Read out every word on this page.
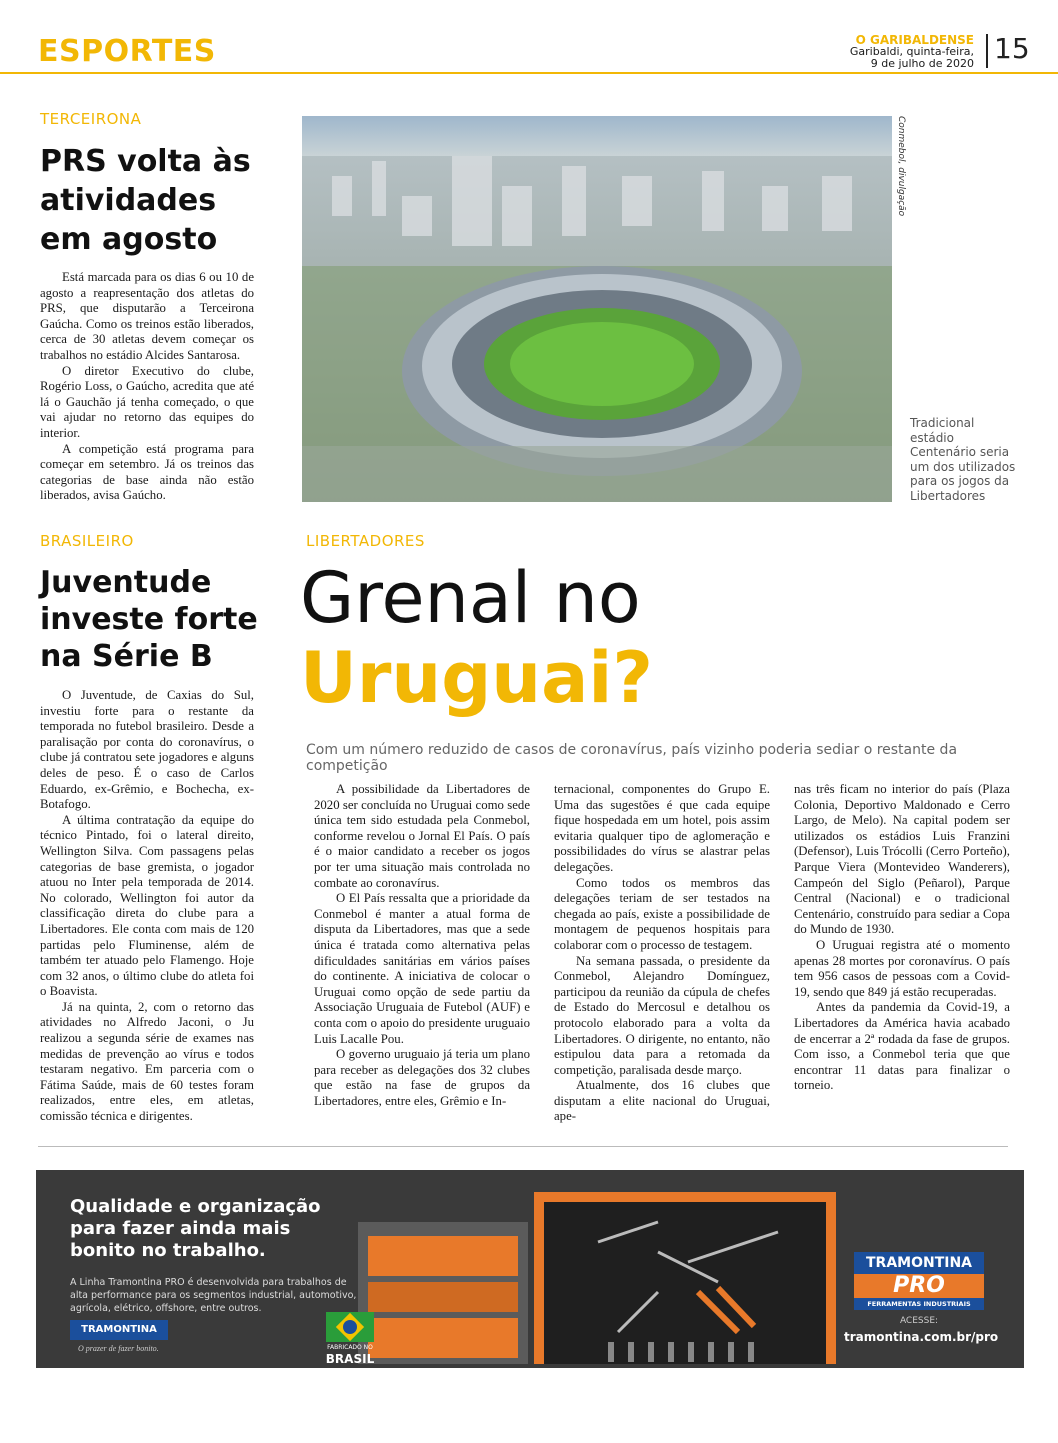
ESPORTES	O GARIBALDENSE
Garibaldi, quinta-feira,
9 de julho de 2020 15
TERCEIRONA
PRS volta às
atividades
em agosto

Está marcada para os dias 6 ou 10 de agosto a reapresentação dos atletas do PRS, que disputarão a Terceirona Gaúcha. Como os treinos estão liberados, cerca de 30 atletas devem começar os trabalhos no estádio Alcides Santarosa.

O diretor Executivo do clube, Rogério Loss, o Gaúcho, acredita que até lá o Gauchão já tenha começado, o que vai ajudar no retorno das equipes do interior.

A competição está programa para começar em setembro. Já os treinos das categorias de base ainda não estão liberados, avisa Gaúcho.

BRASILEIRO
Juventude
investe forte
na Série B

O Juventude, de Caxias do Sul, investiu forte para o restante da temporada no futebol brasileiro. Desde a paralisação por conta do coronavírus, o clube já contratou sete jogadores e alguns deles de peso. É o caso de Carlos Eduardo, ex-Grêmio, e Bochecha, ex-Botafogo.

A última contratação da equipe do técnico Pintado, foi o lateral direito, Wellington Silva. Com passagens pelas categorias de base gremista, o jogador atuou no Inter pela temporada de 2014. No colorado, Wellington foi autor da classificação direta do clube para a Libertadores. Ele conta com mais de 120 partidas pelo Fluminense, além de também ter atuado pelo Flamengo. Hoje com 32 anos, o último clube do atleta foi o Boavista.

Já na quinta, 2, com o retorno das atividades no Alfredo Jaconi, o Ju realizou a segunda série de exames nas medidas de prevenção ao vírus e todos testaram negativo. Em parceria com o Fátima Saúde, mais de 60 testes foram realizados, entre eles, em atletas, comissão técnica e dirigentes.

Conmebol, divulgação
Tradicional estádio Centenário seria um dos utilizados para os jogos da Libertadores
LIBERTADORES
Grenal no
Uruguai?
Com um número reduzido de casos de coronavírus, país vizinho poderia sediar o restante da competição

A possibilidade da Libertadores de 2020 ser concluída no Uruguai como sede única tem sido estudada pela Conmebol, conforme revelou o Jornal El País. O país é o maior candidato a receber os jogos por ter uma situação mais controlada no combate ao coronavírus.

O El País ressalta que a prioridade da Conmebol é manter a atual forma de disputa da Libertadores, mas que a sede única é tratada como alternativa pelas dificuldades sanitárias em vários países do continente. A iniciativa de colocar o Uruguai como opção de sede partiu da Associação Uruguaia de Futebol (AUF) e conta com o apoio do presidente uruguaio Luis Lacalle Pou.

O governo uruguaio já teria um plano para receber as delegações dos 32 clubes que estão na fase de grupos da Libertadores, entre eles, Grêmio e In-

ternacional, componentes do Grupo E. Uma das sugestões é que cada equipe fique hospedada em um hotel, pois assim evitaria qualquer tipo de aglomeração e possibilidades do vírus se alastrar pelas delegações.

Como todos os membros das delegações teriam de ser testados na chegada ao país, existe a possibilidade de montagem de pequenos hospitais para colaborar com o processo de testagem.

Na semana passada, o presidente da Conmebol, Alejandro Domínguez, participou da reunião da cúpula de chefes de Estado do Mercosul e detalhou os protocolo elaborado para a volta da Libertadores. O dirigente, no entanto, não estipulou data para a retomada da competição, paralisada desde março.

Atualmente, dos 16 clubes que disputam a elite nacional do Uruguai, ape-

nas três ficam no interior do país (Plaza Colonia, Deportivo Maldonado e Cerro Largo, de Melo). Na capital podem ser utilizados os estádios Luis Franzini (Defensor), Luis Trócolli (Cerro Porteño), Parque Viera (Montevideo Wanderers), Campeón del Siglo (Peñarol), Parque Central (Nacional) e o tradicional Centenário, construído para sediar a Copa do Mundo de 1930.

O Uruguai registra até o momento apenas 28 mortes por coronavírus. O país tem 956 casos de pessoas com a Covid-19, sendo que 849 já estão recuperadas.

Antes da pandemia da Covid-19, a Libertadores da América havia acabado de encerrar a 2ª rodada da fase de grupos. Com isso, a Conmebol teria que que encontrar 11 datas para finalizar o torneio.

Qualidade e organização
para fazer ainda mais
bonito no trabalho.
A Linha Tramontina PRO é desenvolvida para trabalhos de
alta performance para os segmentos industrial, automotivo,
agrícola, elétrico, offshore, entre outros.
TRAMONTINA
O prazer de fazer bonito.	FABRICADO NO
BRASIL
TRAMONTINA
PRO
FERRAMENTAS INDUSTRIAIS
ACESSE:
tramontina.com.br/pro
